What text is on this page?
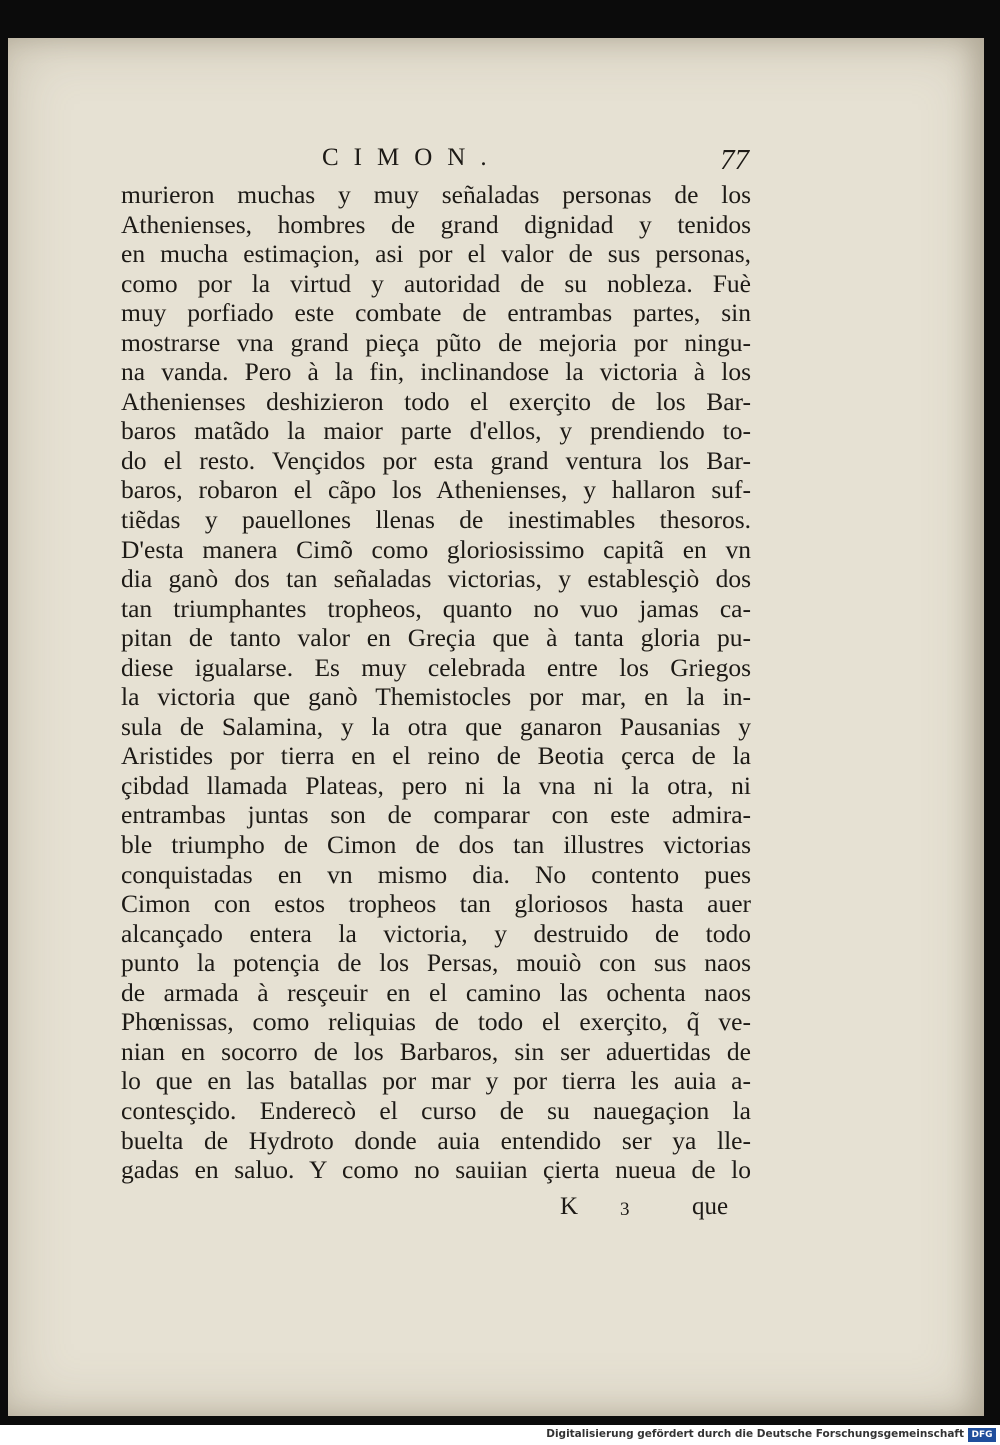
CIMON.	77
murieron muchas y muy señaladas personas de los
Athenienses, hombres de grand dignidad y tenidos
en mucha estimaçion, asi por el valor de sus personas,
como por la virtud y autoridad de su nobleza. Fuè
muy porfiado este combate de entrambas partes, sin
mostrarse vna grand pieça pũto de mejoria por ningu-
na vanda. Pero à la fin, inclinandose la victoria à los
Athenienses deshizieron todo el exerçito de los Bar-
baros matãdo la maior parte d'ellos, y prendiendo to-
do el resto. Vençidos por esta grand ventura los Bar-
baros, robaron el cãpo los Athenienses, y hallaron suf-
tiẽdas y pauellones llenas de inestimables thesoros.
D'esta manera Cimõ como gloriosissimo capitã en vn
dia ganò dos tan señaladas victorias, y establesçiò dos
tan triumphantes tropheos, quanto no vuo jamas ca-
pitan de tanto valor en Greçia que à tanta gloria pu-
diese igualarse. Es muy celebrada entre los Griegos
la victoria que ganò Themistocles por mar, en la in-
sula de Salamina, y la otra que ganaron Pausanias y
Aristides por tierra en el reino de Beotia çerca de la
çibdad llamada Plateas, pero ni la vna ni la otra, ni
entrambas juntas son de comparar con este admira-
ble triumpho de Cimon de dos tan illustres victorias
conquistadas en vn mismo dia. No contento pues
Cimon con estos tropheos tan gloriosos hasta auer
alcançado entera la victoria, y destruido de todo
punto la potençia de los Persas, mouiò con sus naos
de armada à resçeuir en el camino las ochenta naos
Phœnissas, como reliquias de todo el exerçito, q̃ ve-
nian en socorro de los Barbaros, sin ser aduertidas de
lo que en las batallas por mar y por tierra les auia a-
contesçido. Enderecò el curso de su nauegaçion la
buelta de Hydroto donde auia entendido ser ya lle-
gadas en saluo. Y como no sauiian çierta nueua de lo
K 3	que
Digitalisierung gefördert durch die Deutsche Forschungsgemeinschaft DFG
